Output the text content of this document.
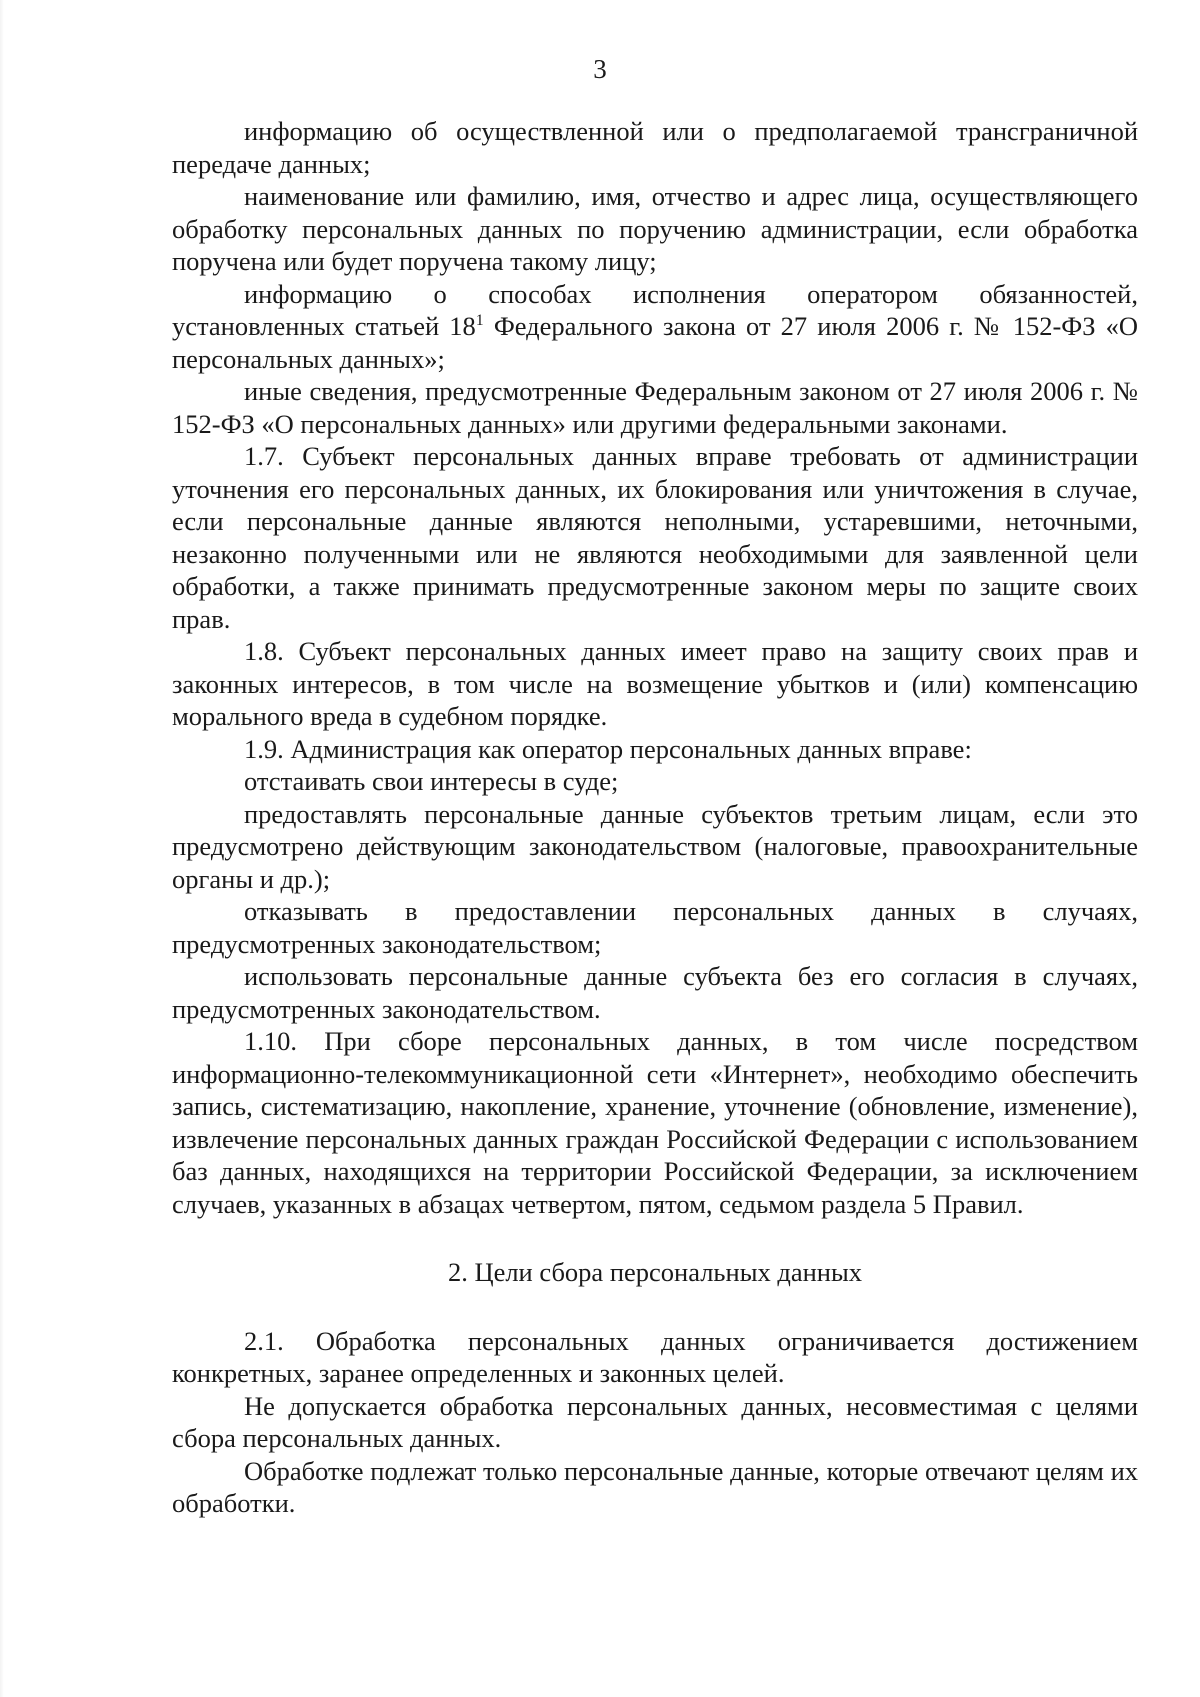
3

информацию об осуществленной или о предполагаемой трансграничной передаче данных;

наименование или фамилию, имя, отчество и адрес лица, осуществляющего обработку персональных данных по поручению администрации, если обработка поручена или будет поручена такому лицу;

информацию о способах исполнения оператором обязанностей, установленных статьей $18^1$ Федерального закона от 27 июля 2006 г. № 152-ФЗ «О персональных данных»;

иные сведения, предусмотренные Федеральным законом от 27 июля 2006 г. № 152-ФЗ «О персональных данных» или другими федеральными законами.

1.7. Субъект персональных данных вправе требовать от администрации уточнения его персональных данных, их блокирования или уничтожения в случае, если персональные данные являются неполными, устаревшими, неточными, незаконно полученными или не являются необходимыми для заявленной цели обработки, а также принимать предусмотренные законом меры по защите своих прав.

1.8. Субъект персональных данных имеет право на защиту своих прав и законных интересов, в том числе на возмещение убытков и (или) компенсацию морального вреда в судебном порядке.

1.9. Администрация как оператор персональных данных вправе:

отстаивать свои интересы в суде;

предоставлять персональные данные субъектов третьим лицам, если это предусмотрено действующим законодательством (налоговые, правоохранительные органы и др.);

отказывать в предоставлении персональных данных в случаях, предусмотренных законодательством;

использовать персональные данные субъекта без его согласия в случаях, предусмотренных законодательством.

1.10. При сборе персональных данных, в том числе посредством информационно-телекоммуникационной сети «Интернет», необходимо обеспечить запись, систематизацию, накопление, хранение, уточнение (обновление, изменение), извлечение персональных данных граждан Российской Федерации с использованием баз данных, находящихся на территории Российской Федерации, за исключением случаев, указанных в абзацах четвертом, пятом, седьмом раздела 5 Правил.

2. Цели сбора персональных данных

2.1. Обработка персональных данных ограничивается достижением конкретных, заранее определенных и законных целей.

Не допускается обработка персональных данных, несовместимая с целями сбора персональных данных.

Обработке подлежат только персональные данные, которые отвечают целям их обработки.
